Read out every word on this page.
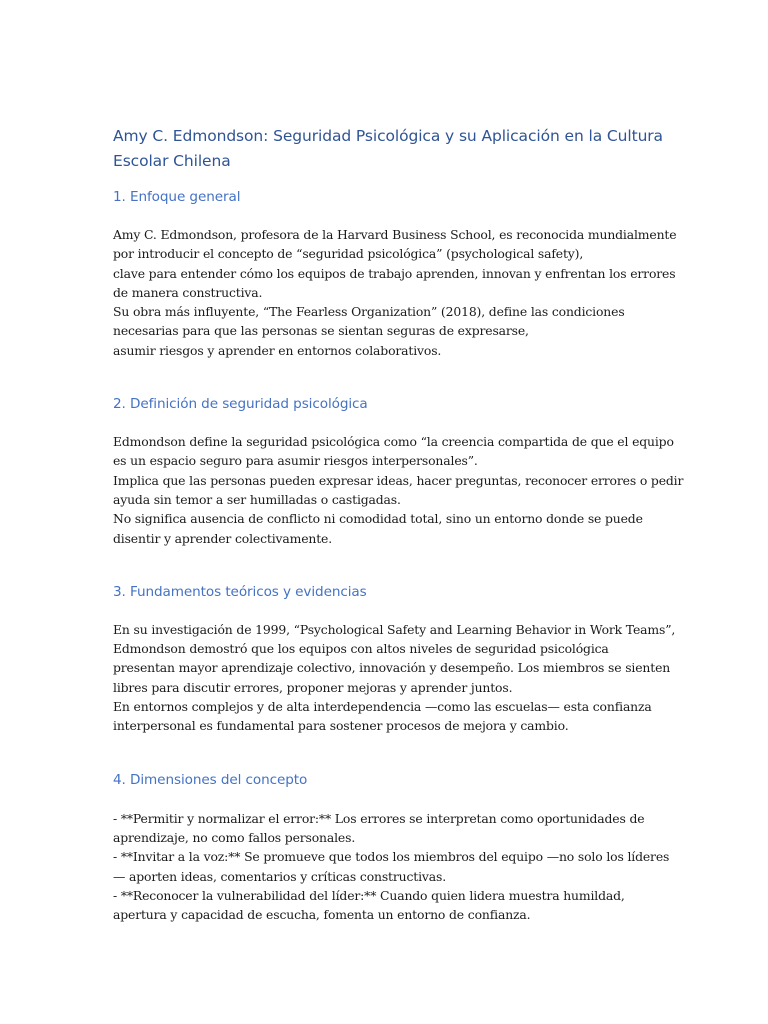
Amy C. Edmondson: Seguridad Psicológica y su Aplicación en la Cultura
Escolar Chilena
1. Enfoque general
Amy C. Edmondson, profesora de la Harvard Business School, es reconocida mundialmente
por introducir el concepto de “seguridad psicológica” (psychological safety),
clave para entender cómo los equipos de trabajo aprenden, innovan y enfrentan los errores
de manera constructiva.
Su obra más influyente, “The Fearless Organization” (2018), define las condiciones
necesarias para que las personas se sientan seguras de expresarse,
asumir riesgos y aprender en entornos colaborativos.
2. Definición de seguridad psicológica
Edmondson define la seguridad psicológica como “la creencia compartida de que el equipo
es un espacio seguro para asumir riesgos interpersonales”.
Implica que las personas pueden expresar ideas, hacer preguntas, reconocer errores o pedir
ayuda sin temor a ser humilladas o castigadas.
No significa ausencia de conflicto ni comodidad total, sino un entorno donde se puede
disentir y aprender colectivamente.
3. Fundamentos teóricos y evidencias
En su investigación de 1999, “Psychological Safety and Learning Behavior in Work Teams”,
Edmondson demostró que los equipos con altos niveles de seguridad psicológica
presentan mayor aprendizaje colectivo, innovación y desempeño. Los miembros se sienten
libres para discutir errores, proponer mejoras y aprender juntos.
En entornos complejos y de alta interdependencia —como las escuelas— esta confianza
interpersonal es fundamental para sostener procesos de mejora y cambio.
4. Dimensiones del concepto
- **Permitir y normalizar el error:** Los errores se interpretan como oportunidades de
aprendizaje, no como fallos personales.
- **Invitar a la voz:** Se promueve que todos los miembros del equipo —no solo los líderes
— aporten ideas, comentarios y críticas constructivas.
- **Reconocer la vulnerabilidad del líder:** Cuando quien lidera muestra humildad,
apertura y capacidad de escucha, fomenta un entorno de confianza.
